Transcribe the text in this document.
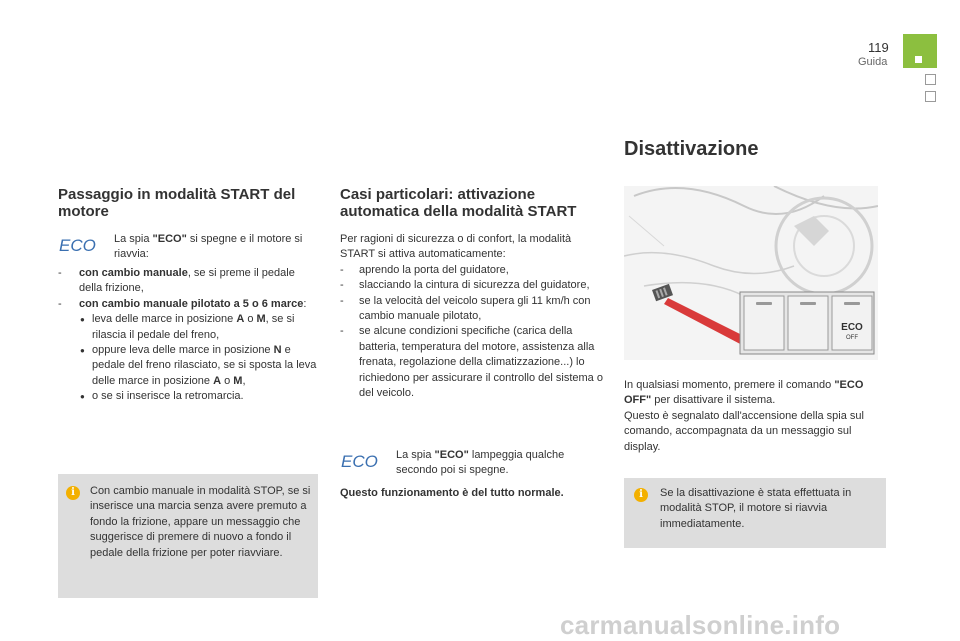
119
Guida
Passaggio in modalità START del motore
ECO La spia "ECO" si spegne e il motore si riavvia:
- con cambio manuale, se si preme il pedale della frizione,
- con cambio manuale pilotato a 5 o 6 marce:
● leva delle marce in posizione A o M, se si rilascia il pedale del freno,
● oppure leva delle marce in posizione N e pedale del freno rilasciato, se si sposta la leva delle marce in posizione A o M,
● o se si inserisce la retromarcia.
i	Con cambio manuale in modalità STOP, se si inserisce una marcia senza avere premuto a fondo la frizione, appare un messaggio che suggerisce di premere di nuovo a fondo il pedale della frizione per poter riavviare.
Casi particolari: attivazione automatica della modalità START
Per ragioni di sicurezza o di confort, la modalità START si attiva automaticamente:
- aprendo la porta del guidatore,
- slacciando la cintura di sicurezza del guidatore,
- se la velocità del veicolo supera gli 11 km/h con cambio manuale pilotato,
- se alcune condizioni specifiche (carica della batteria, temperatura del motore, assistenza alla frenata, regolazione della climatizzazione...) lo richiedono per assicurare il controllo del sistema o del veicolo.
ECO La spia "ECO" lampeggia qualche secondo poi si spegne.
Questo funzionamento è del tutto normale.
Disattivazione
ECO
OFF
In qualsiasi momento, premere il comando "ECO OFF" per disattivare il sistema.
Questo è segnalato dall'accensione della spia sul comando, accompagnata da un messaggio sul display.
i	Se la disattivazione è stata effettuata in modalità STOP, il motore si riavvia immediatamente.
carmanualsonline.info
